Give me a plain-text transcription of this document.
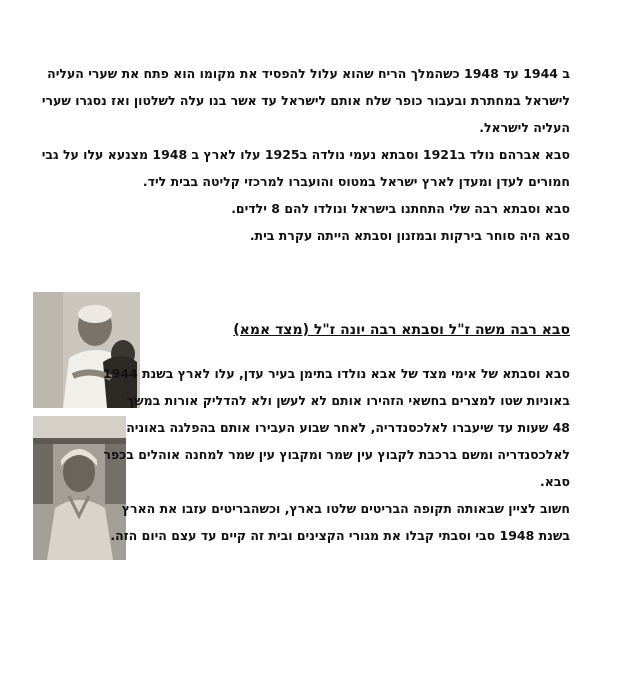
ב 1944 עד 1948 כשהמלך הריח שהוא עלול להפסיד את מקומו הוא פתח את שערי העליה
לישראל במחתרת ובעבור כופר שלח אותם לישראל עד אשר בנו עלה לשלטון ואז נסגרו שערי
העליה לישראל.
סבא אברהם נולד ב1921 וסבתא נעמי נולדה ב1925 עלו לארץ ב 1948 מצנעא עלו על גבי
חמורים לעדן ומעדן לארץ ישראל במטוס והועברו למרכזי קליטה בבית ליד.
סבא וסבתא רבה שלי התחתנו בישראל ונולדו להם 8 ילדים.
סבא היה סוחר בירקות ובמזנון וסבתא הייתה עקרת בית.
סבא רבה משה ז"ל וסבתא רבה יונה ז"ל (מצד אמא)
סבא וסבתא של אימי מצד של אבא נולדו בתימן בעיר עדן, עלו לארץ בשנת 1944
באוניות שטו למצרים בחשאי הזהירו אותם לא לעשן ולא להדליק אורות במשך
48 שעות עד שיעברו לאלכסנדריה, לאחר שבוע העבירו אותם בהפלגה באוניה
לאלכסנדריה ומשם ברכבת לקבוץ עין שמר ומקבוץ עין שמר למחנה אוהלים בכפר
סבא.
חשוב לציין שבאותה תקופה הבריטים שלטו בארץ, וכשהבריטים עזבו את הארץ
בשנת 1948 סבי וסבתי קבלו את מגורי הקצינים ובית זה קיים עד עצם היום הזה.
